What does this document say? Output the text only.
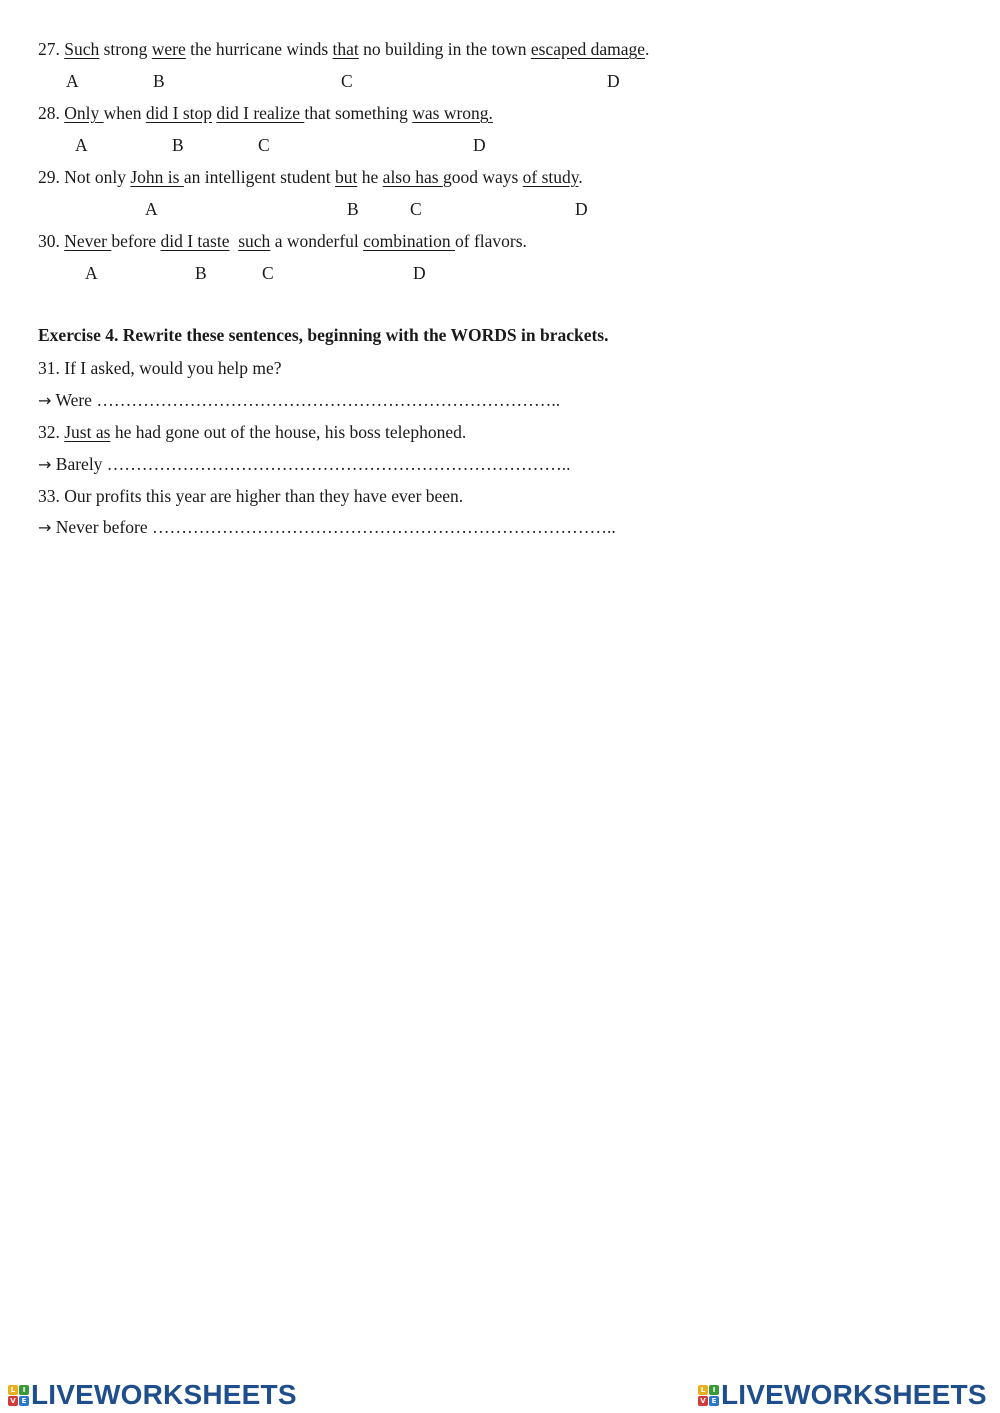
27. Such strong were the hurricane winds that no building in the town escaped damage.
A	B	C	D
28. Only when did I stop did I realize that something was wrong.
A	B	C	D
29. Not only John is an intelligent student but he also has good ways of study.
A	B	C	D
30. Never before did I taste such a wonderful combination of flavors.
A	B	C	D
Exercise 4. Rewrite these sentences, beginning with the WORDS in brackets.
31. If I asked, would you help me?
→ Were ……………………………………………………………………..
32. Just as he had gone out of the house, his boss telephoned.
→ Barely ……………………………………………………………………..
33. Our profits this year are higher than they have ever been.
→ Never before ……………………………………………………………………..
L	I
V E LIVEWORKSHEETS	L	I
V E LIVEWORKSHEETS
